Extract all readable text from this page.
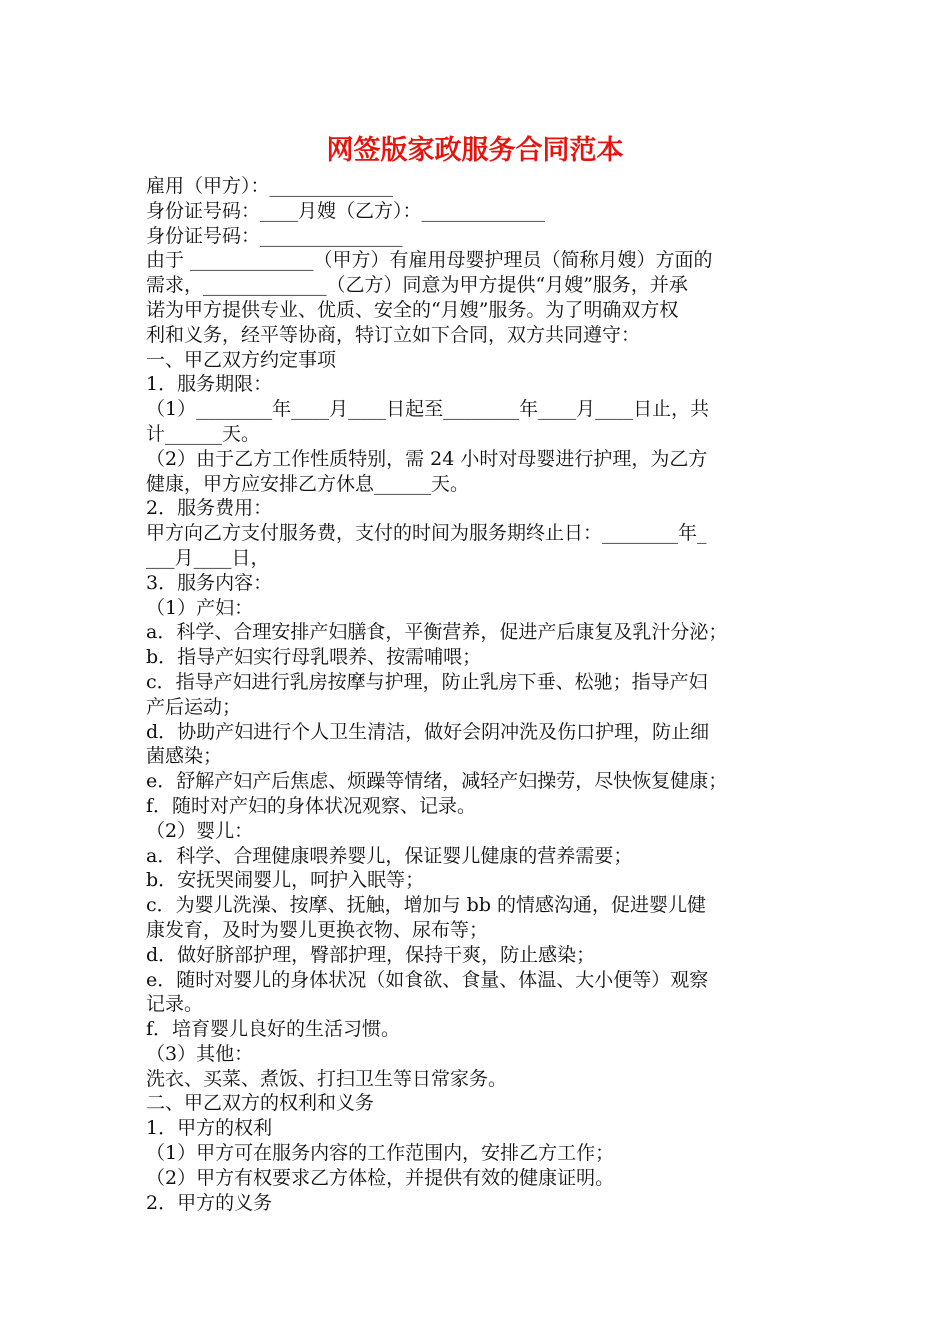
网签版家政服务合同范本
雇用（甲方）：_____________
身份证号码：____月嫂（乙方）：_____________
身份证号码：_______________
由于 _____________（甲方）有雇用母婴护理员（简称月嫂）方面的
需求，_____________（乙方）同意为甲方提供“月嫂”服务，并承
诺为甲方提供专业、优质、安全的“月嫂”服务。为了明确双方权
利和义务，经平等协商，特订立如下合同，双方共同遵守：
一、甲乙双方约定事项
1．服务期限：
（1）________年____月____日起至________年____月____日止，共
计______天。
（2）由于乙方工作性质特别，需 24 小时对母婴进行护理，为乙方
健康，甲方应安排乙方休息______天。
2．服务费用：
甲方向乙方支付服务费，支付的时间为服务期终止日：________年_
___月____日，
3．服务内容：
（1）产妇：
a．科学、合理安排产妇膳食，平衡营养，促进产后康复及乳汁分泌；
b．指导产妇实行母乳喂养、按需哺喂；
c．指导产妇进行乳房按摩与护理，防止乳房下垂、松驰；指导产妇
产后运动；
d．协助产妇进行个人卫生清洁，做好会阴冲洗及伤口护理，防止细
菌感染；
e．舒解产妇产后焦虑、烦躁等情绪，减轻产妇操劳，尽快恢复健康；
f．随时对产妇的身体状况观察、记录。
（2）婴儿：
a．科学、合理健康喂养婴儿，保证婴儿健康的营养需要；
b．安抚哭闹婴儿，呵护入眠等；
c．为婴儿洗澡、按摩、抚触，增加与 bb 的情感沟通，促进婴儿健
康发育，及时为婴儿更换衣物、尿布等；
d．做好脐部护理，臀部护理，保持干爽，防止感染；
e．随时对婴儿的身体状况（如食欲、食量、体温、大小便等）观察
记录。
f．培育婴儿良好的生活习惯。
（3）其他：
洗衣、买菜、煮饭、打扫卫生等日常家务。
二、甲乙双方的权利和义务
1．甲方的权利
（1）甲方可在服务内容的工作范围内，安排乙方工作；
（2）甲方有权要求乙方体检，并提供有效的健康证明。
2．甲方的义务
